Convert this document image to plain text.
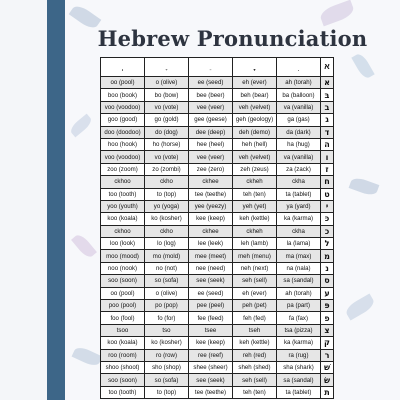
Hebrew Pronunciation
					א
oo (pool)	o (olive)	ee (seed)	eh (ever)	ah (torah)	א
boo (book)	bo (bow)	bee (beer)	beh (bear)	ba (balloon)	בּ
voo (voodoo)	vo (vote)	vee (veer)	veh (velvet)	va (vanilla)	ב
goo (good)	go (gold)	gee (geese)	geh (geology)	ga (gas)	ג
doo (doodoo)	do (dog)	dee (deep)	deh (demo)	da (dark)	ד
hoo (hook)	ho (horse)	hee (heel)	heh (hell)	ha (hug)	ה
voo (voodoo)	vo (vote)	vee (veer)	veh (velvet)	va (vanilla)	ו
zoo (zoom)	zo (zombi)	zee (zero)	zeh (zeus)	za (zack)	ז
ckhoo	ckho	ckhee	ckheh	ckha	ח
too (tooth)	to (top)	tee (teethe)	teh (ten)	ta (tablet)	ט
yoo (youth)	yo (yoga)	yee (yeezy)	yeh (yet)	ya (yard)	י
koo (koala)	ko (kosher)	kee (keep)	keh (kettle)	ka (karma)	כּ
ckhoo	ckho	ckhee	ckheh	ckha	כ
loo (look)	lo (log)	lee (leek)	leh (lamb)	la (lama)	ל
moo (mood)	mo (mold)	mee (meet)	meh (menu)	ma (max)	מ
noo (nook)	no (not)	nee (need)	neh (next)	na (nala)	נ
soo (soon)	so (sofa)	see (seek)	seh (sell)	sa (sandal)	ס
oo (pool)	o (olive)	ee (seed)	eh (ever)	ah (torah)	ע
poo (pool)	po (pop)	pee (peel)	peh (pet)	pa (part)	פּ
foo (fool)	fo (for)	fee (feed)	feh (fed)	fa (fax)	פ
tsoo	tso	tsee	tseh	tsa (pizza)	צ
koo (koala)	ko (kosher)	kee (keep)	keh (kettle)	ka (karma)	ק
roo (room)	ro (row)	ree (reef)	reh (red)	ra (rug)	ר
shoo (shoot)	sho (shop)	shee (sheer)	sheh (shed)	sha (shark)	שׁ
soo (soon)	so (sofa)	see (seek)	seh (sell)	sa (sandal)	שׂ
too (tooth)	to (top)	tee (teethe)	teh (ten)	ta (tablet)	ת
